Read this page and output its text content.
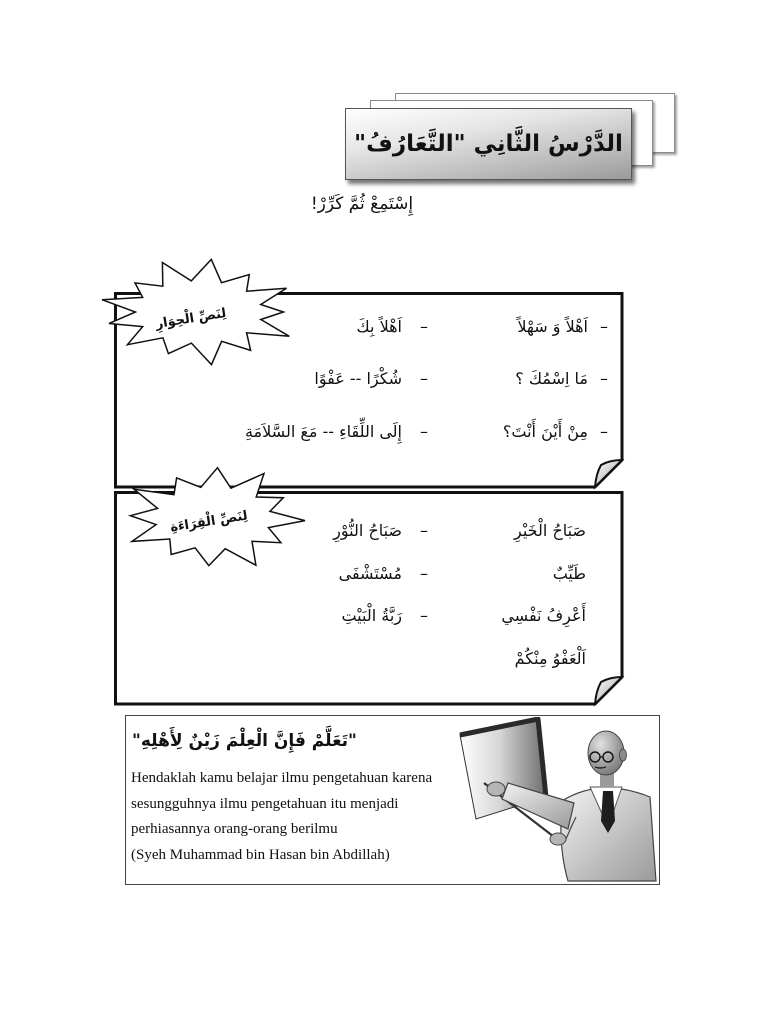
الدَّرْسُ الثَّانِي "التَّعَارُفُ"
إِسْتَمِعْ ثُمَّ كَرِّرْ!
–
اَهْلاً وَ سَهْلاً
–
اَهْلاً بِكَ
–
مَا اِسْمُكَ ؟
–
شُكْرًا -- عَفْوًا
–
مِنْ أَيْنَ أَنْتَ؟
–
إِلَى اللِّقَاءِ -- مَعَ السَّلاَمَةِ
صَبَاحُ الْخَيْرِ
–
صَبَاحُ النُّوْرِ
طَيِّبٌ
–
مُسْتَشْفَى
أَعْرِفُ نَفْسِي
–
رَبَّةُ الْبَيْتِ
اَلْعَفْوُ مِنْكُمْ
لِنَصِّ الْحِوَارِ
لِنَصِّ الْقِرَاءَةِ
"تَعَلَّمْ فَإِنَّ الْعِلْمَ زَيْنٌ لِأَهْلِهِ"
Hendaklah kamu belajar ilmu pengetahuan karena
sesungguhnya ilmu pengetahuan itu menjadi
perhiasannya orang-orang berilmu
(Syeh Muhammad bin Hasan bin Abdillah)
